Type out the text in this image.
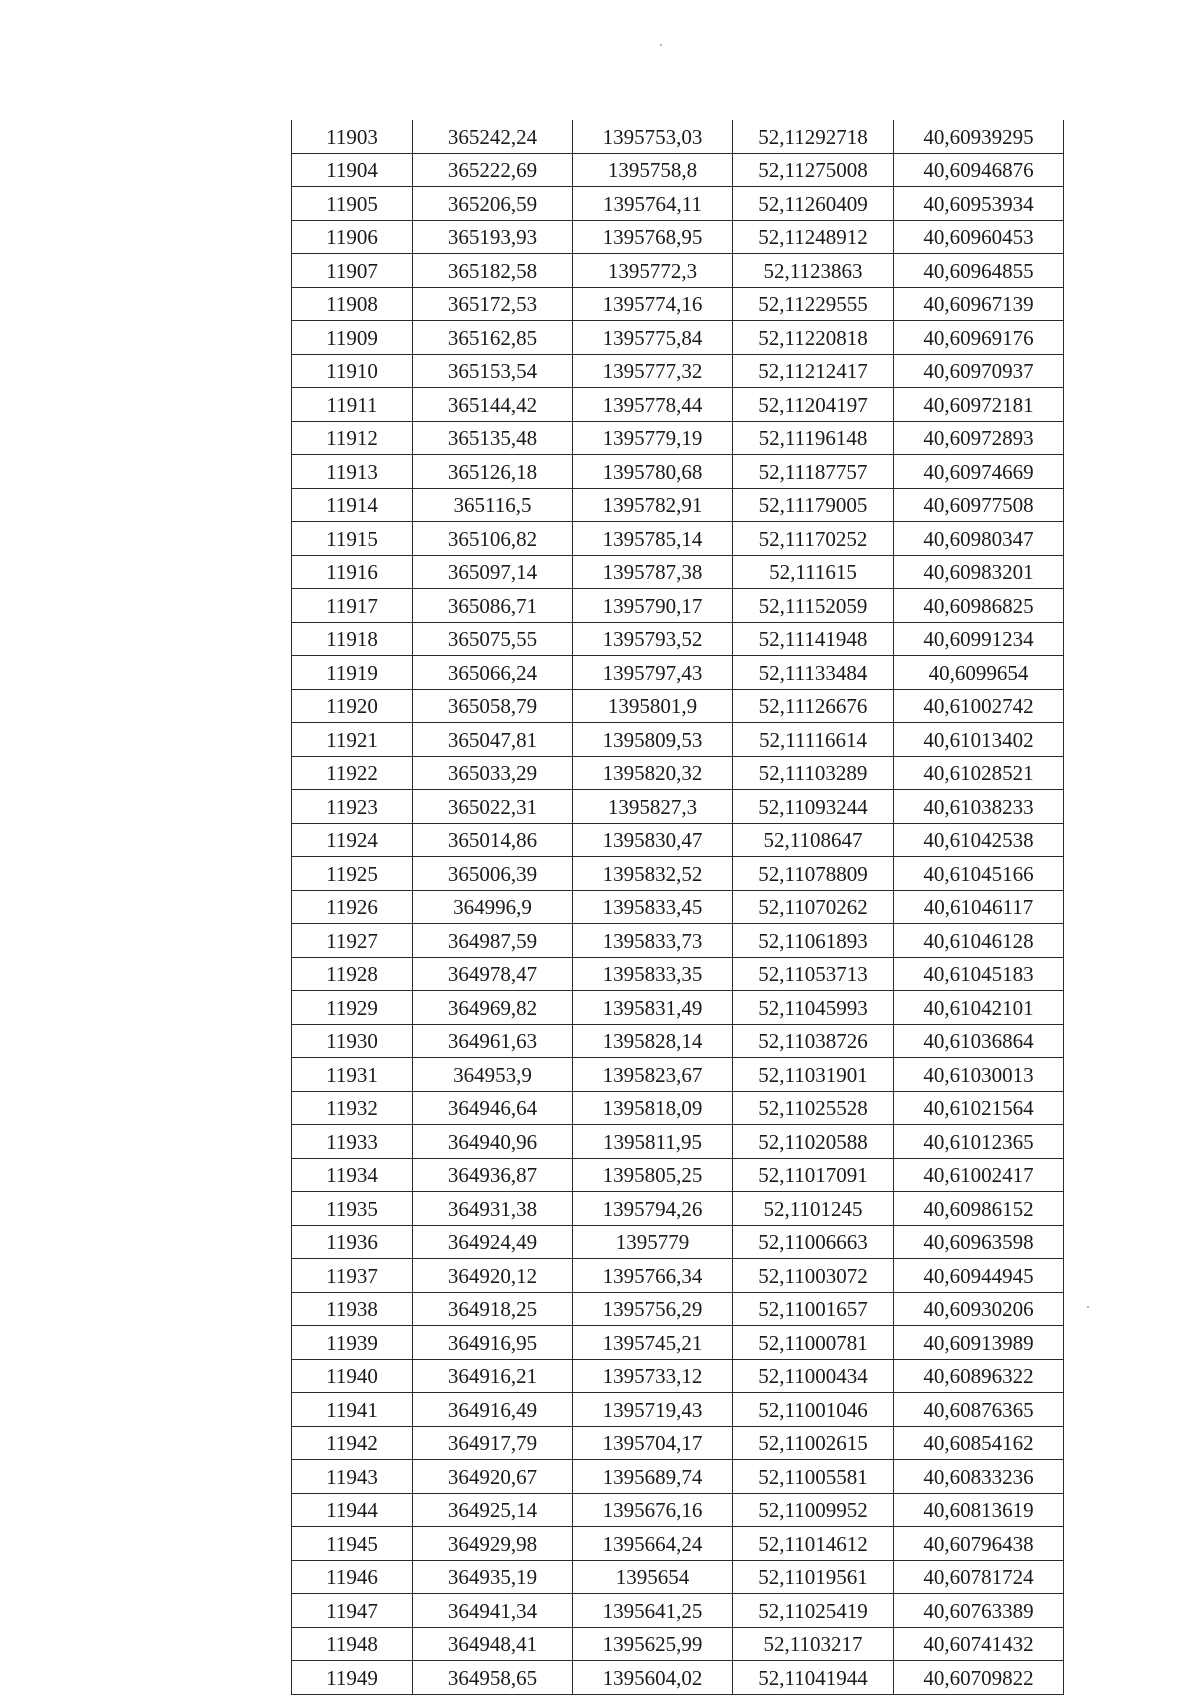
11903	365242,24	1395753,03	52,11292718	40,60939295
11904	365222,69	1395758,8	52,11275008	40,60946876
11905	365206,59	1395764,11	52,11260409	40,60953934
11906	365193,93	1395768,95	52,11248912	40,60960453
11907	365182,58	1395772,3	52,1123863	40,60964855
11908	365172,53	1395774,16	52,11229555	40,60967139
11909	365162,85	1395775,84	52,11220818	40,60969176
11910	365153,54	1395777,32	52,11212417	40,60970937
11911	365144,42	1395778,44	52,11204197	40,60972181
11912	365135,48	1395779,19	52,11196148	40,60972893
11913	365126,18	1395780,68	52,11187757	40,60974669
11914	365116,5	1395782,91	52,11179005	40,60977508
11915	365106,82	1395785,14	52,11170252	40,60980347
11916	365097,14	1395787,38	52,111615	40,60983201
11917	365086,71	1395790,17	52,11152059	40,60986825
11918	365075,55	1395793,52	52,11141948	40,60991234
11919	365066,24	1395797,43	52,11133484	40,6099654
11920	365058,79	1395801,9	52,11126676	40,61002742
11921	365047,81	1395809,53	52,11116614	40,61013402
11922	365033,29	1395820,32	52,11103289	40,61028521
11923	365022,31	1395827,3	52,11093244	40,61038233
11924	365014,86	1395830,47	52,1108647	40,61042538
11925	365006,39	1395832,52	52,11078809	40,61045166
11926	364996,9	1395833,45	52,11070262	40,61046117
11927	364987,59	1395833,73	52,11061893	40,61046128
11928	364978,47	1395833,35	52,11053713	40,61045183
11929	364969,82	1395831,49	52,11045993	40,61042101
11930	364961,63	1395828,14	52,11038726	40,61036864
11931	364953,9	1395823,67	52,11031901	40,61030013
11932	364946,64	1395818,09	52,11025528	40,61021564
11933	364940,96	1395811,95	52,11020588	40,61012365
11934	364936,87	1395805,25	52,11017091	40,61002417
11935	364931,38	1395794,26	52,1101245	40,60986152
11936	364924,49	1395779	52,11006663	40,60963598
11937	364920,12	1395766,34	52,11003072	40,60944945
11938	364918,25	1395756,29	52,11001657	40,60930206
11939	364916,95	1395745,21	52,11000781	40,60913989
11940	364916,21	1395733,12	52,11000434	40,60896322
11941	364916,49	1395719,43	52,11001046	40,60876365
11942	364917,79	1395704,17	52,11002615	40,60854162
11943	364920,67	1395689,74	52,11005581	40,60833236
11944	364925,14	1395676,16	52,11009952	40,60813619
11945	364929,98	1395664,24	52,11014612	40,60796438
11946	364935,19	1395654	52,11019561	40,60781724
11947	364941,34	1395641,25	52,11025419	40,60763389
11948	364948,41	1395625,99	52,1103217	40,60741432
11949	364958,65	1395604,02	52,11041944	40,60709822
